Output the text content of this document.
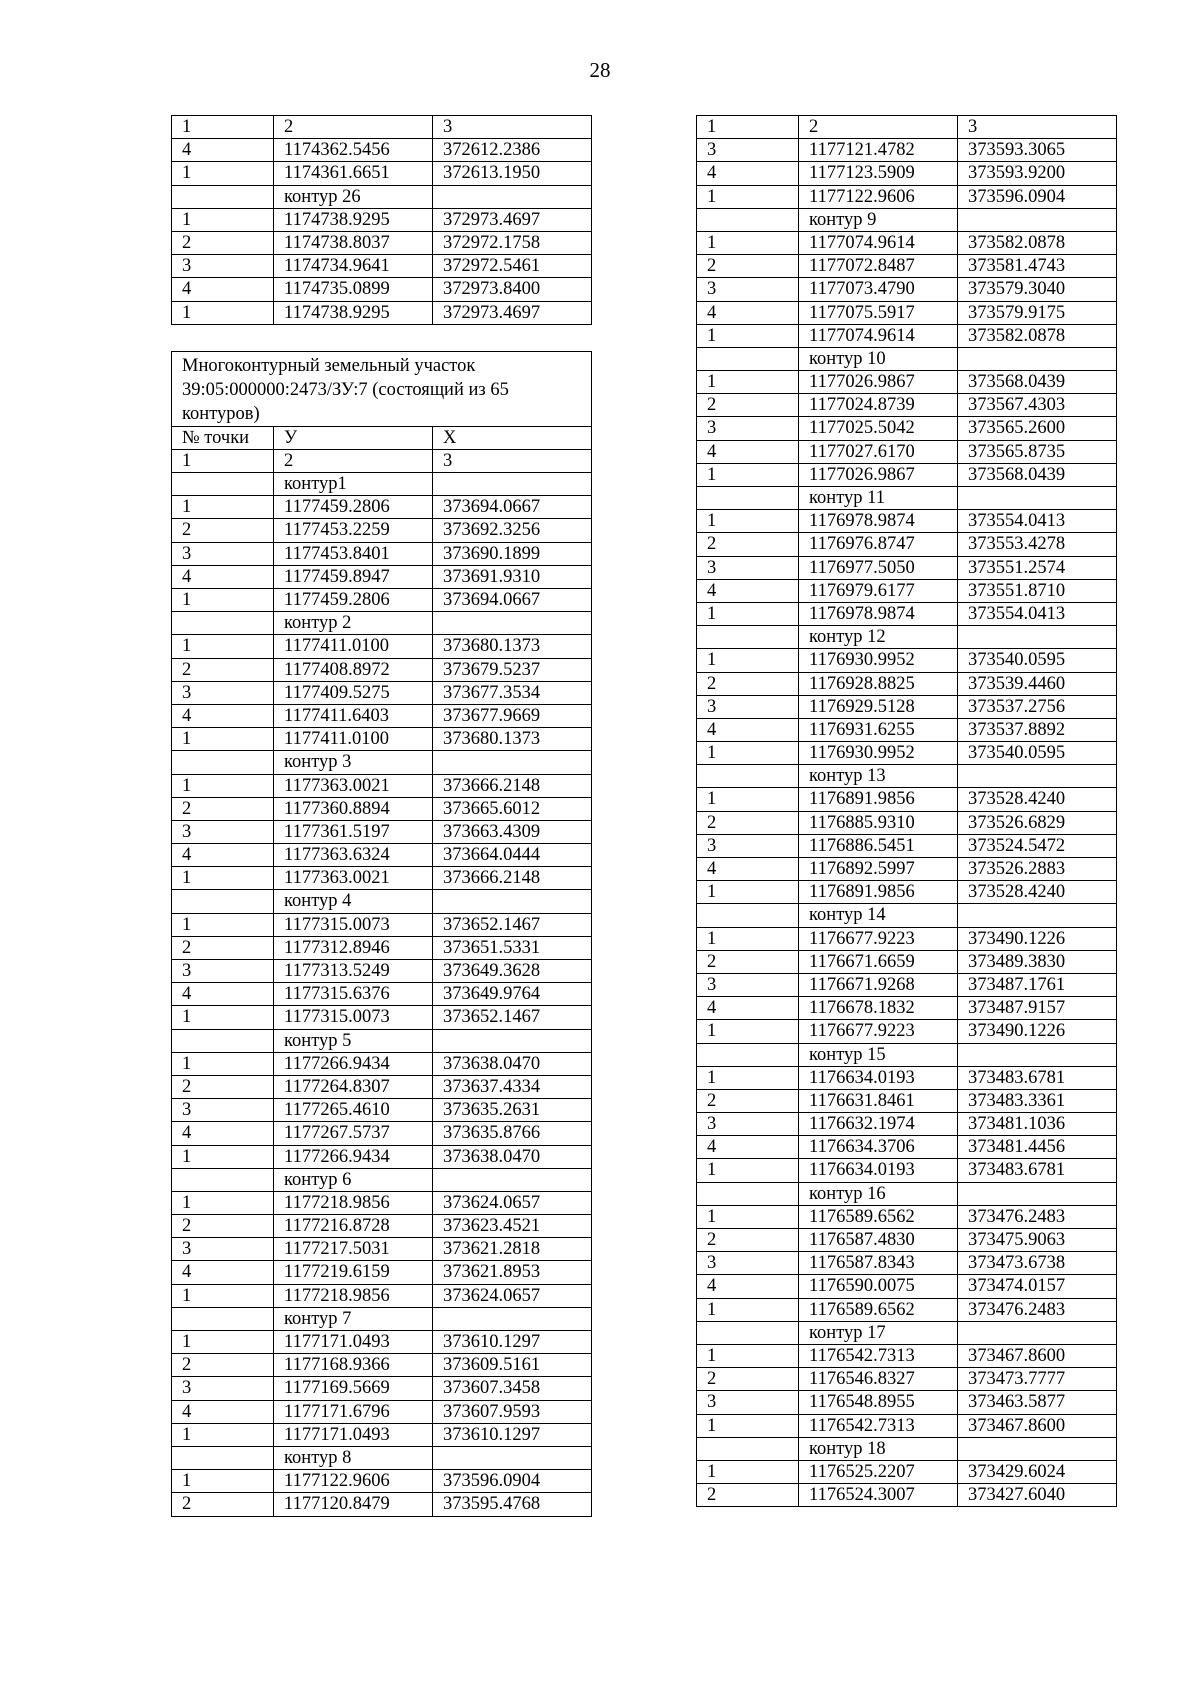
28
1	2	3
4	1174362.5456	372612.2386
1	1174361.6651	372613.1950
	контур 26	
1	1174738.9295	372973.4697
2	1174738.8037	372972.1758
3	1174734.9641	372972.5461
4	1174735.0899	372973.8400
1	1174738.9295	372973.4697
Многоконтурный земельный участок 39:05:000000:2473/ЗУ:7 (состоящий из 65 контуров)		
№ точки	У	Х
1	2	3
	контур1	
1	1177459.2806	373694.0667
2	1177453.2259	373692.3256
3	1177453.8401	373690.1899
4	1177459.8947	373691.9310
1	1177459.2806	373694.0667
	контур 2	
1	1177411.0100	373680.1373
2	1177408.8972	373679.5237
3	1177409.5275	373677.3534
4	1177411.6403	373677.9669
1	1177411.0100	373680.1373
	контур 3	
1	1177363.0021	373666.2148
2	1177360.8894	373665.6012
3	1177361.5197	373663.4309
4	1177363.6324	373664.0444
1	1177363.0021	373666.2148
	контур 4	
1	1177315.0073	373652.1467
2	1177312.8946	373651.5331
3	1177313.5249	373649.3628
4	1177315.6376	373649.9764
1	1177315.0073	373652.1467
	контур 5	
1	1177266.9434	373638.0470
2	1177264.8307	373637.4334
3	1177265.4610	373635.2631
4	1177267.5737	373635.8766
1	1177266.9434	373638.0470
	контур 6	
1	1177218.9856	373624.0657
2	1177216.8728	373623.4521
3	1177217.5031	373621.2818
4	1177219.6159	373621.8953
1	1177218.9856	373624.0657
	контур 7	
1	1177171.0493	373610.1297
2	1177168.9366	373609.5161
3	1177169.5669	373607.3458
4	1177171.6796	373607.9593
1	1177171.0493	373610.1297
	контур 8	
1	1177122.9606	373596.0904
2	1177120.8479	373595.4768
1	2	3
3	1177121.4782	373593.3065
4	1177123.5909	373593.9200
1	1177122.9606	373596.0904
	контур 9	
1	1177074.9614	373582.0878
2	1177072.8487	373581.4743
3	1177073.4790	373579.3040
4	1177075.5917	373579.9175
1	1177074.9614	373582.0878
	контур 10	
1	1177026.9867	373568.0439
2	1177024.8739	373567.4303
3	1177025.5042	373565.2600
4	1177027.6170	373565.8735
1	1177026.9867	373568.0439
	контур 11	
1	1176978.9874	373554.0413
2	1176976.8747	373553.4278
3	1176977.5050	373551.2574
4	1176979.6177	373551.8710
1	1176978.9874	373554.0413
	контур 12	
1	1176930.9952	373540.0595
2	1176928.8825	373539.4460
3	1176929.5128	373537.2756
4	1176931.6255	373537.8892
1	1176930.9952	373540.0595
	контур 13	
1	1176891.9856	373528.4240
2	1176885.9310	373526.6829
3	1176886.5451	373524.5472
4	1176892.5997	373526.2883
1	1176891.9856	373528.4240
	контур 14	
1	1176677.9223	373490.1226
2	1176671.6659	373489.3830
3	1176671.9268	373487.1761
4	1176678.1832	373487.9157
1	1176677.9223	373490.1226
	контур 15	
1	1176634.0193	373483.6781
2	1176631.8461	373483.3361
3	1176632.1974	373481.1036
4	1176634.3706	373481.4456
1	1176634.0193	373483.6781
	контур 16	
1	1176589.6562	373476.2483
2	1176587.4830	373475.9063
3	1176587.8343	373473.6738
4	1176590.0075	373474.0157
1	1176589.6562	373476.2483
	контур 17	
1	1176542.7313	373467.8600
2	1176546.8327	373473.7777
3	1176548.8955	373463.5877
1	1176542.7313	373467.8600
	контур 18	
1	1176525.2207	373429.6024
2	1176524.3007	373427.6040
